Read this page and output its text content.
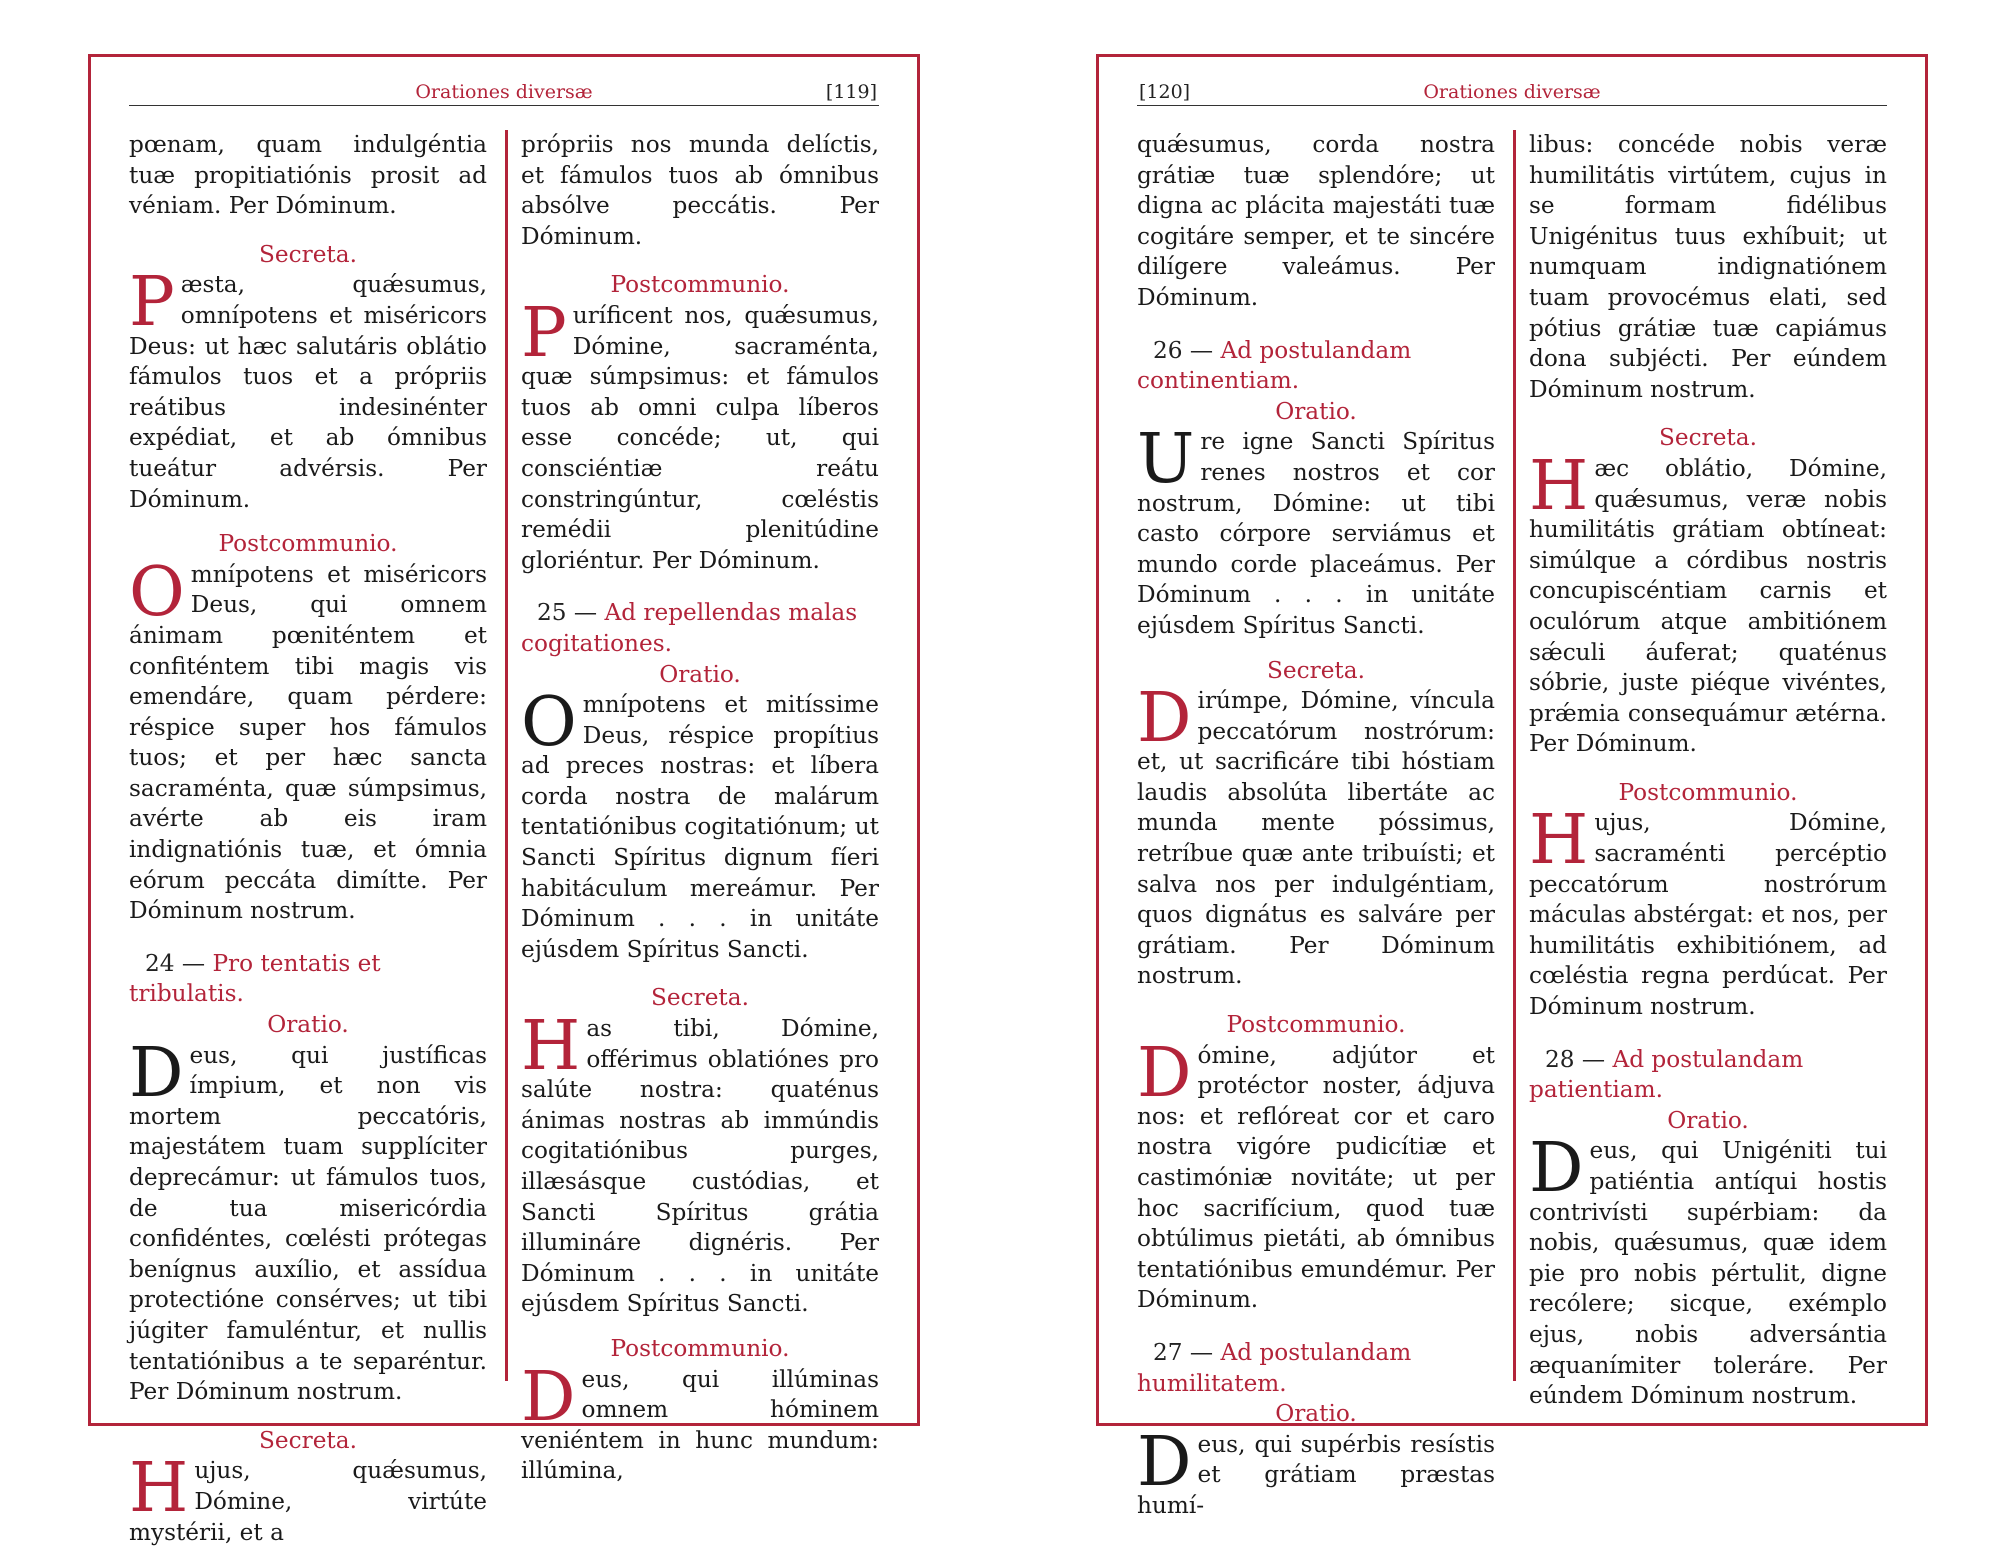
Orationes diversæ	[119]

pœnam, quam indulgéntia tuæ propitiatiónis prosit ad véniam. Per Dóminum.

Secreta.

Pæsta, quǽsumus, omnípotens et miséricors Deus: ut hæc salutáris oblátio fámulos tuos et a própriis reátibus indesinénter expédiat, et ab ómnibus tueátur advérsis. Per Dóminum.

Postcommunio.

Omnípotens et miséricors Deus, qui omnem ánimam pœniténtem et confiténtem tibi magis vis emendáre, quam pérdere: réspice super hos fámulos tuos; et per hæc sancta sacraménta, quæ súmpsimus, avérte ab eis iram indignatiónis tuæ, et ómnia eórum peccáta dimítte. Per Dóminum nostrum.

24 — Pro tentatis et tribulatis.
Oratio.

Deus, qui justíficas ímpium, et non vis mortem peccatóris, majestátem tuam supplíciter deprecámur: ut fámulos tuos, de tua misericórdia confidéntes, cœlésti prótegas benígnus auxílio, et assídua protectióne consérves; ut tibi júgiter famuléntur, et nullis tentatiónibus a te separéntur. Per Dóminum nostrum.

Secreta.

Hujus, quǽsumus, Dómine, virtúte mystérii, et a

própriis nos munda delíctis, et fámulos tuos ab ómnibus absólve peccátis. Per Dóminum.

Postcommunio.

Puríficent nos, quǽsumus, Dómine, sacraménta, quæ súmpsimus: et fámulos tuos ab omni culpa líberos esse concéde; ut, qui consciéntiæ reátu constringúntur, cœléstis remédii plenitúdine gloriéntur. Per Dóminum.

25 — Ad repellendas malas cogitationes.
Oratio.

Omnípotens et mitíssime Deus, réspice propítius ad preces nostras: et líbera corda nostra de malárum tentatiónibus cogitatiónum; ut Sancti Spíritus dignum fíeri habitáculum mereámur. Per Dóminum . . . in unitáte ejúsdem Spíritus Sancti.

Secreta.

Has tibi, Dómine, offérimus oblatiónes pro salúte nostra: quaténus ánimas nostras ab immúndis cogitatiónibus purges, illæsásque custódias, et Sancti Spíritus grátia illumináre dignéris. Per Dóminum . . . in unitáte ejúsdem Spíritus Sancti.

Postcommunio.

Deus, qui illúminas omnem hóminem veniéntem in hunc mundum: illúmina,

[120]	Orationes diversæ

quǽsumus, corda nostra grátiæ tuæ splendóre; ut digna ac plácita majestáti tuæ cogitáre semper, et te sincére dilígere valeámus. Per Dóminum.

26 — Ad postulandam continentiam.
Oratio.

Ure igne Sancti Spíritus renes nostros et cor nostrum, Dómine: ut tibi casto córpore serviámus et mundo corde placeámus. Per Dóminum . . . in unitáte ejúsdem Spíritus Sancti.

Secreta.

Dirúmpe, Dómine, víncula peccatórum nostrórum: et, ut sacrificáre tibi hóstiam laudis absolúta libertáte ac munda mente póssimus, retríbue quæ ante tribuísti; et salva nos per indulgéntiam, quos dignátus es salváre per grátiam. Per Dóminum nostrum.

Postcommunio.

Dómine, adjútor et protéctor noster, ádjuva nos: et reflóreat cor et caro nostra vigóre pudicítiæ et castimóniæ novitáte; ut per hoc sacrifícium, quod tuæ obtúlimus pietáti, ab ómnibus tentatiónibus emundémur. Per Dóminum.

27 — Ad postulandam humilitatem.
Oratio.

Deus, qui supérbis resístis et grátiam præstas humí-

libus: concéde nobis veræ humilitátis virtútem, cujus in se formam fidélibus Unigénitus tuus exhíbuit; ut numquam indignatiónem tuam provocémus elati, sed pótius grátiæ tuæ capiámus dona subjécti. Per eúndem Dóminum nostrum.

Secreta.

Hæc oblátio, Dómine, quǽsumus, veræ nobis humilitátis grátiam obtíneat: simúlque a córdibus nostris concupiscéntiam carnis et oculórum atque ambitiónem sǽculi áuferat; quaténus sóbrie, juste piéque vivéntes, prǽmia consequámur ætérna. Per Dóminum.

Postcommunio.

Hujus, Dómine, sacraménti percéptio peccatórum nostrórum máculas abstérgat: et nos, per humilitátis exhibitiónem, ad cœléstia regna perdúcat. Per Dóminum nostrum.

28 — Ad postulandam patientiam.
Oratio.

Deus, qui Unigéniti tui patiéntia antíqui hostis contrivísti supérbiam: da nobis, quǽsumus, quæ idem pie pro nobis pértulit, digne recólere; sicque, exémplo ejus, nobis adversántia æquanímiter toleráre. Per eúndem Dóminum nostrum.
